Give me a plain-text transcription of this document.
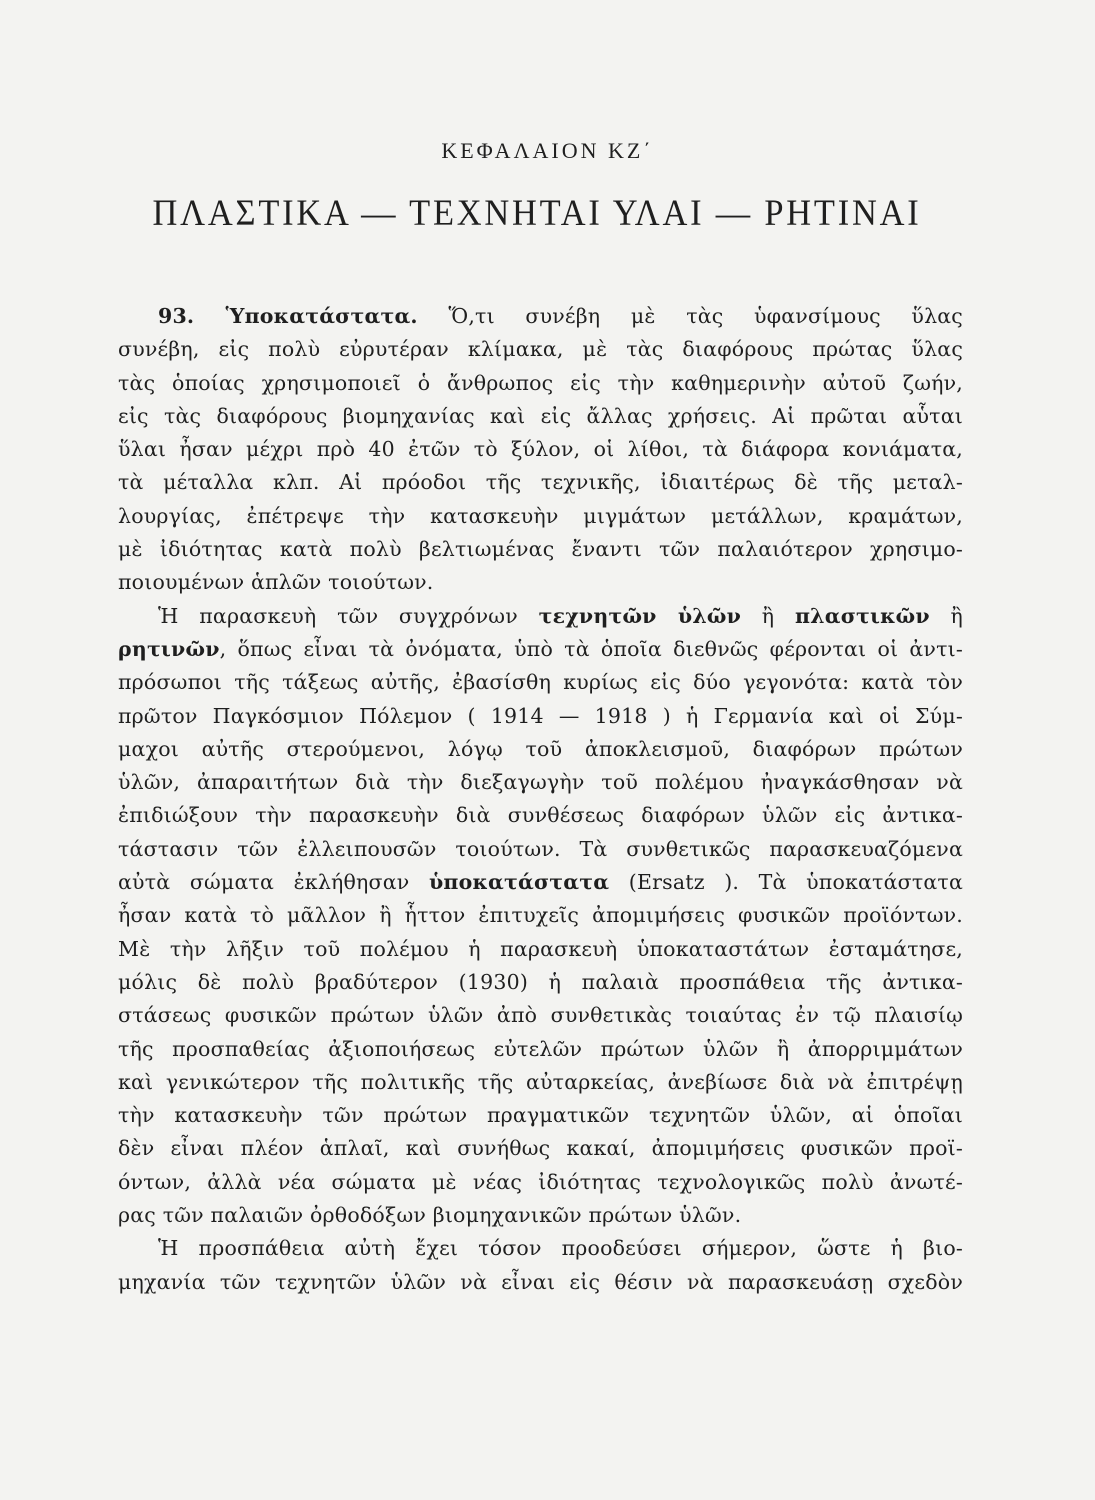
ΚΕΦΑΛΑΙΟΝ ΚΖ΄
ΠΛΑΣΤΙΚΑ — ΤΕΧΝΗΤΑΙ ΥΛΑΙ — ΡΗΤΙΝΑΙ
93. Ὑποκατάστατα. Ὅ,τι συνέβη μὲ τὰς ὑφανσίμους ὕλας
συνέβη, εἰς πολὺ εὐρυτέραν κλίμακα, μὲ τὰς διαφόρους πρώτας ὕλας
τὰς ὁποίας χρησιμοποιεῖ ὁ ἄνθρωπος εἰς τὴν καθημερινὴν αὐτοῦ ζωήν,
εἰς τὰς διαφόρους βιομηχανίας καὶ εἰς ἄλλας χρήσεις. Αἱ πρῶται αὗται
ὕλαι ἦσαν μέχρι πρὸ 40 ἐτῶν τὸ ξύλον, οἱ λίθοι, τὰ διάφορα κονιάματα,
τὰ μέταλλα κλπ. Αἱ πρόοδοι τῆς τεχνικῆς, ἰδιαιτέρως δὲ τῆς μεταλ-
λουργίας, ἐπέτρεψε τὴν κατασκευὴν μιγμάτων μετάλλων, κραμάτων,
μὲ ἰδιότητας κατὰ πολὺ βελτιωμένας ἔναντι τῶν παλαιότερον χρησιμο-
ποιουμένων ἁπλῶν τοιούτων.
Ἡ παρασκευὴ τῶν συγχρόνων τεχνητῶν ὑλῶν ἢ πλαστικῶν ἢ
ρητινῶν, ὅπως εἶναι τὰ ὀνόματα, ὑπὸ τὰ ὁποῖα διεθνῶς φέρονται οἱ ἀντι-
πρόσωποι τῆς τάξεως αὐτῆς, ἐβασίσθη κυρίως εἰς δύο γεγονότα: κατὰ τὸν
πρῶτον Παγκόσμιον Πόλεμον ( 1914 — 1918 ) ἡ Γερμανία καὶ οἱ Σύμ-
μαχοι αὐτῆς στερούμενοι, λόγῳ τοῦ ἀποκλεισμοῦ, διαφόρων πρώτων
ὑλῶν, ἀπαραιτήτων διὰ τὴν διεξαγωγὴν τοῦ πολέμου ἠναγκάσθησαν νὰ
ἐπιδιώξουν τὴν παρασκευὴν διὰ συνθέσεως διαφόρων ὑλῶν εἰς ἀντικα-
τάστασιν τῶν ἐλλειπουσῶν τοιούτων. Τὰ συνθετικῶς παρασκευαζόμενα
αὐτὰ σώματα ἐκλήθησαν ὑποκατάστατα (Ersatz ). Τὰ ὑποκατάστατα
ἦσαν κατὰ τὸ μᾶλλον ἢ ἧττον ἐπιτυχεῖς ἀπομιμήσεις φυσικῶν προϊόντων.
Μὲ τὴν λῆξιν τοῦ πολέμου ἡ παρασκευὴ ὑποκαταστάτων ἐσταμάτησε,
μόλις δὲ πολὺ βραδύτερον (1930) ἡ παλαιὰ προσπάθεια τῆς ἀντικα-
στάσεως φυσικῶν πρώτων ὑλῶν ἀπὸ συνθετικὰς τοιαύτας ἐν τῷ πλαισίῳ
τῆς προσπαθείας ἀξιοποιήσεως εὐτελῶν πρώτων ὑλῶν ἢ ἀπορριμμάτων
καὶ γενικώτερον τῆς πολιτικῆς τῆς αὐταρκείας, ἀνεβίωσε διὰ νὰ ἐπιτρέψῃ
τὴν κατασκευὴν τῶν πρώτων πραγματικῶν τεχνητῶν ὑλῶν, αἱ ὁποῖαι
δὲν εἶναι πλέον ἁπλαῖ, καὶ συνήθως κακαί, ἀπομιμήσεις φυσικῶν προϊ-
όντων, ἀλλὰ νέα σώματα μὲ νέας ἰδιότητας τεχνολογικῶς πολὺ ἀνωτέ-
ρας τῶν παλαιῶν ὀρθοδόξων βιομηχανικῶν πρώτων ὑλῶν.
Ἡ προσπάθεια αὐτὴ ἔχει τόσον προοδεύσει σήμερον, ὥστε ἡ βιο-
μηχανία τῶν τεχνητῶν ὑλῶν νὰ εἶναι εἰς θέσιν νὰ παρασκευάσῃ σχεδὸν
